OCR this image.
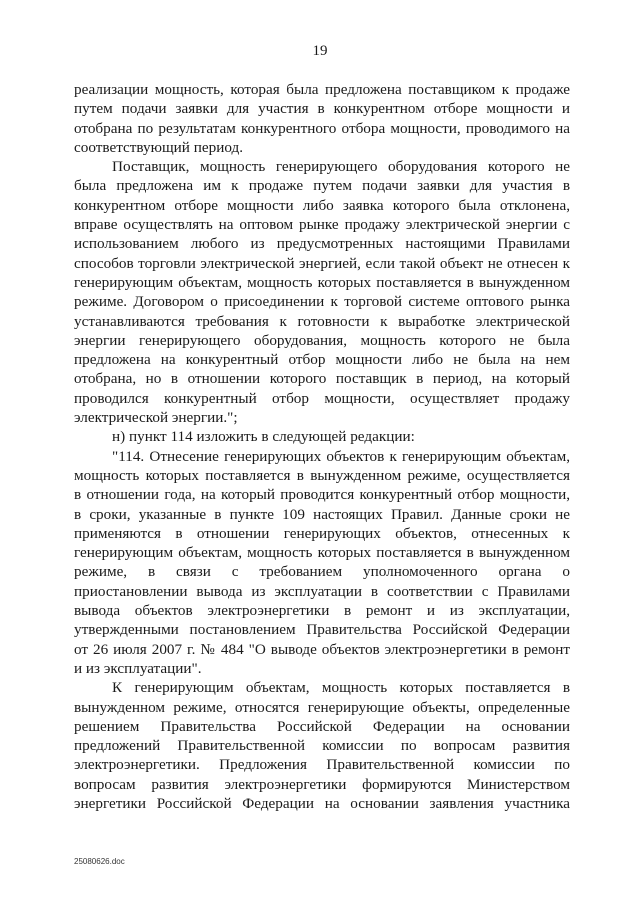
19
реализации мощность, которая была предложена поставщиком к продаже
путем подачи заявки для участия в конкурентном отборе мощности и
отобрана по результатам конкурентного отбора мощности, проводимого на
соответствующий период.
Поставщик, мощность генерирующего оборудования которого не
была предложена им к продаже путем подачи заявки для участия в
конкурентном отборе мощности либо заявка которого была отклонена,
вправе осуществлять на оптовом рынке продажу электрической энергии с
использованием любого из предусмотренных настоящими Правилами
способов торговли электрической энергией, если такой объект не отнесен к
генерирующим объектам, мощность которых поставляется в вынужденном
режиме. Договором о присоединении к торговой системе оптового рынка
устанавливаются требования к готовности к выработке электрической
энергии генерирующего оборудования, мощность которого не была
предложена на конкурентный отбор мощности либо не была на нем
отобрана, но в отношении которого поставщик в период, на который
проводился конкурентный отбор мощности, осуществляет продажу
электрической энергии.";
н) пункт 114 изложить в следующей редакции:
"114. Отнесение генерирующих объектов к генерирующим объектам,
мощность которых поставляется в вынужденном режиме, осуществляется
в отношении года, на который проводится конкурентный отбор мощности,
в сроки, указанные в пункте 109 настоящих Правил. Данные сроки не
применяются в отношении генерирующих объектов, отнесенных к
генерирующим объектам, мощность которых поставляется в вынужденном
режиме, в связи с требованием уполномоченного органа о
приостановлении вывода из эксплуатации в соответствии с Правилами
вывода объектов электроэнергетики в ремонт и из эксплуатации,
утвержденными постановлением Правительства Российской Федерации
от 26 июля 2007 г. № 484 "О выводе объектов электроэнергетики в ремонт
и из эксплуатации".
К генерирующим объектам, мощность которых поставляется в
вынужденном режиме, относятся генерирующие объекты, определенные
решением Правительства Российской Федерации на основании
предложений Правительственной комиссии по вопросам развития
электроэнергетики. Предложения Правительственной комиссии по
вопросам развития электроэнергетики формируются Министерством
энергетики Российской Федерации на основании заявления участника
25080626.doc
